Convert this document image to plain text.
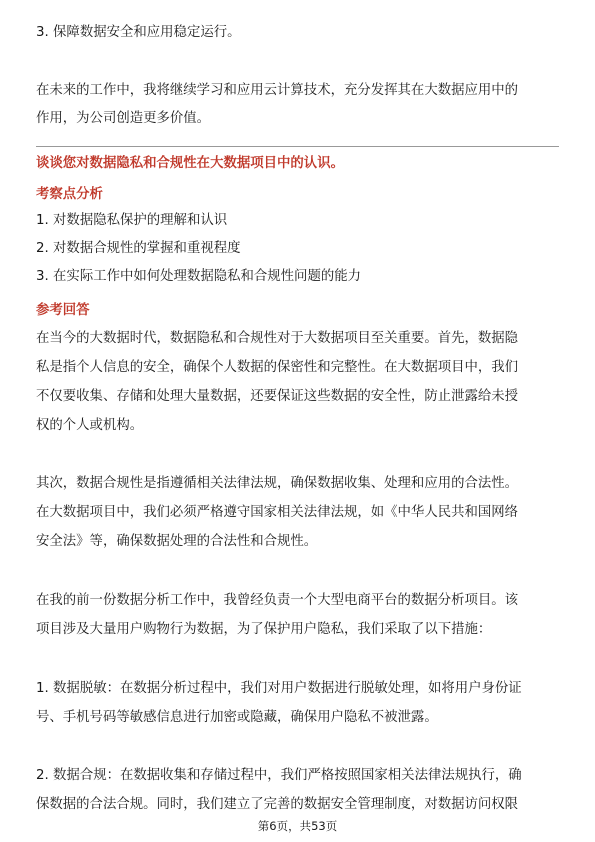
3. 保障数据安全和应用稳定运行。
在未来的工作中，我将继续学习和应用云计算技术，充分发挥其在大数据应用中的
作用，为公司创造更多价值。
谈谈您对数据隐私和合规性在大数据项目中的认识。
考察点分析
1. 对数据隐私保护的理解和认识
2. 对数据合规性的掌握和重视程度
3. 在实际工作中如何处理数据隐私和合规性问题的能力
参考回答
在当今的大数据时代，数据隐私和合规性对于大数据项目至关重要。首先，数据隐
私是指个人信息的安全，确保个人数据的保密性和完整性。在大数据项目中，我们
不仅要收集、存储和处理大量数据，还要保证这些数据的安全性，防止泄露给未授
权的个人或机构。
其次，数据合规性是指遵循相关法律法规，确保数据收集、处理和应用的合法性。
在大数据项目中，我们必须严格遵守国家相关法律法规，如《中华人民共和国网络
安全法》等，确保数据处理的合法性和合规性。
在我的前一份数据分析工作中，我曾经负责一个大型电商平台的数据分析项目。该
项目涉及大量用户购物行为数据，为了保护用户隐私，我们采取了以下措施：
1. 数据脱敏：在数据分析过程中，我们对用户数据进行脱敏处理，如将用户身份证
号、手机号码等敏感信息进行加密或隐藏，确保用户隐私不被泄露。
2. 数据合规：在数据收集和存储过程中，我们严格按照国家相关法律法规执行，确
保数据的合法合规。同时，我们建立了完善的数据安全管理制度，对数据访问权限
第6页，共53页
